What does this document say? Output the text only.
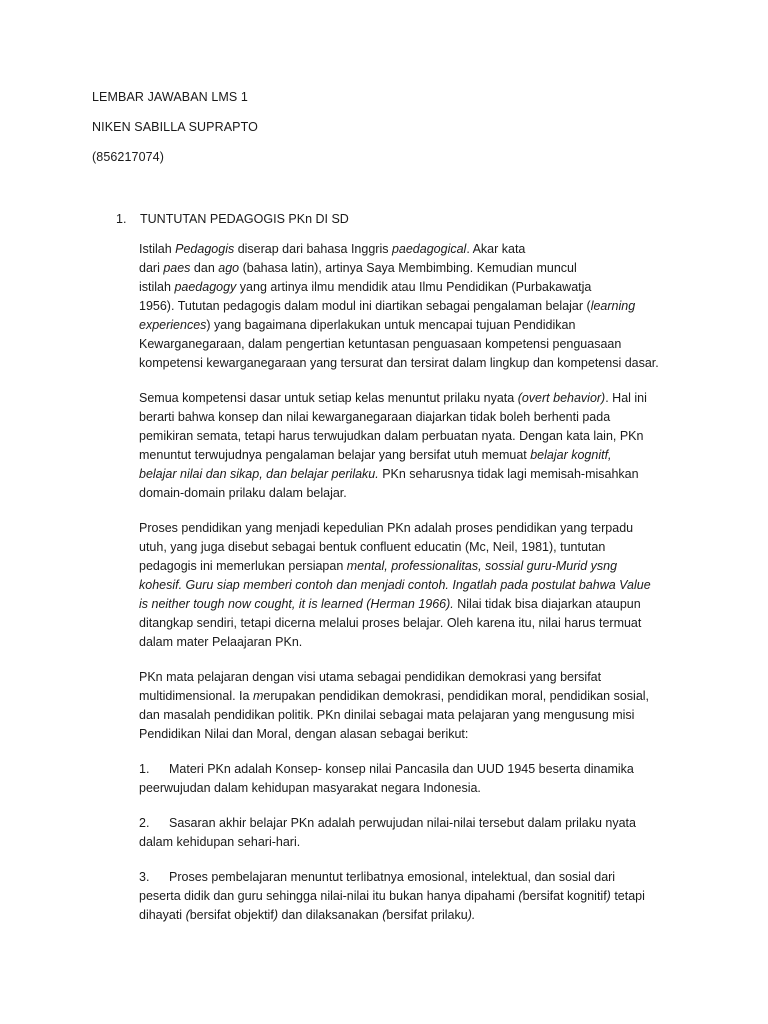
LEMBAR JAWABAN LMS 1
NIKEN SABILLA SUPRAPTO
(856217074)
1. TUNTUTAN PEDAGOGIS PKn DI SD

Istilah Pedagogis diserap dari bahasa Inggris paedagogical. Akar kata
dari paes dan ago (bahasa latin), artinya Saya Membimbing. Kemudian muncul
istilah paedagogy yang artinya ilmu mendidik atau Ilmu Pendidikan (Purbakawatja
1956). Tututan pedagogis dalam modul ini diartikan sebagai pengalaman belajar (learning
experiences) yang bagaimana diperlakukan untuk mencapai tujuan Pendidikan
Kewarganegaraan, dalam pengertian ketuntasan penguasaan kompetensi penguasaan
kompetensi kewarganegaraan yang tersurat dan tersirat dalam lingkup dan kompetensi dasar.

Semua kompetensi dasar untuk setiap kelas menuntut prilaku nyata (overt behavior). Hal ini
berarti bahwa konsep dan nilai kewarganegaraan diajarkan tidak boleh berhenti pada
pemikiran semata, tetapi harus terwujudkan dalam perbuatan nyata. Dengan kata lain, PKn
menuntut terwujudnya pengalaman belajar yang bersifat utuh memuat belajar kognitf,
belajar nilai dan sikap, dan belajar perilaku. PKn seharusnya tidak lagi memisah-misahkan
domain-domain prilaku dalam belajar.

Proses pendidikan yang menjadi kepedulian PKn adalah proses pendidikan yang terpadu
utuh, yang juga disebut sebagai bentuk confluent educatin (Mc, Neil, 1981), tuntutan
pedagogis ini memerlukan persiapan mental, professionalitas, sossial guru-Murid ysng
kohesif. Guru siap memberi contoh dan menjadi contoh. Ingatlah pada postulat bahwa Value
is neither tough now cought, it is learned (Herman 1966). Nilai tidak bisa diajarkan ataupun
ditangkap sendiri, tetapi dicerna melalui proses belajar. Oleh karena itu, nilai harus termuat
dalam mater Pelaajaran PKn.

PKn mata pelajaran dengan visi utama sebagai pendidikan demokrasi yang bersifat
multidimensional. Ia merupakan pendidikan demokrasi, pendidikan moral, pendidikan sosial,
dan masalah pendidikan politik. PKn dinilai sebagai mata pelajaran yang mengusung misi
Pendidikan Nilai dan Moral, dengan alasan sebagai berikut:

1. Materi PKn adalah Konsep- konsep nilai Pancasila dan UUD 1945 beserta dinamika
peerwujudan dalam kehidupan masyarakat negara Indonesia.

2. Sasaran akhir belajar PKn adalah perwujudan nilai-nilai tersebut dalam prilaku nyata
dalam kehidupan sehari-hari.

3. Proses pembelajaran menuntut terlibatnya emosional, intelektual, dan sosial dari
peserta didik dan guru sehingga nilai-nilai itu bukan hanya dipahami (bersifat kognitif) tetapi
dihayati (bersifat objektif) dan dilaksanakan (bersifat prilaku).
